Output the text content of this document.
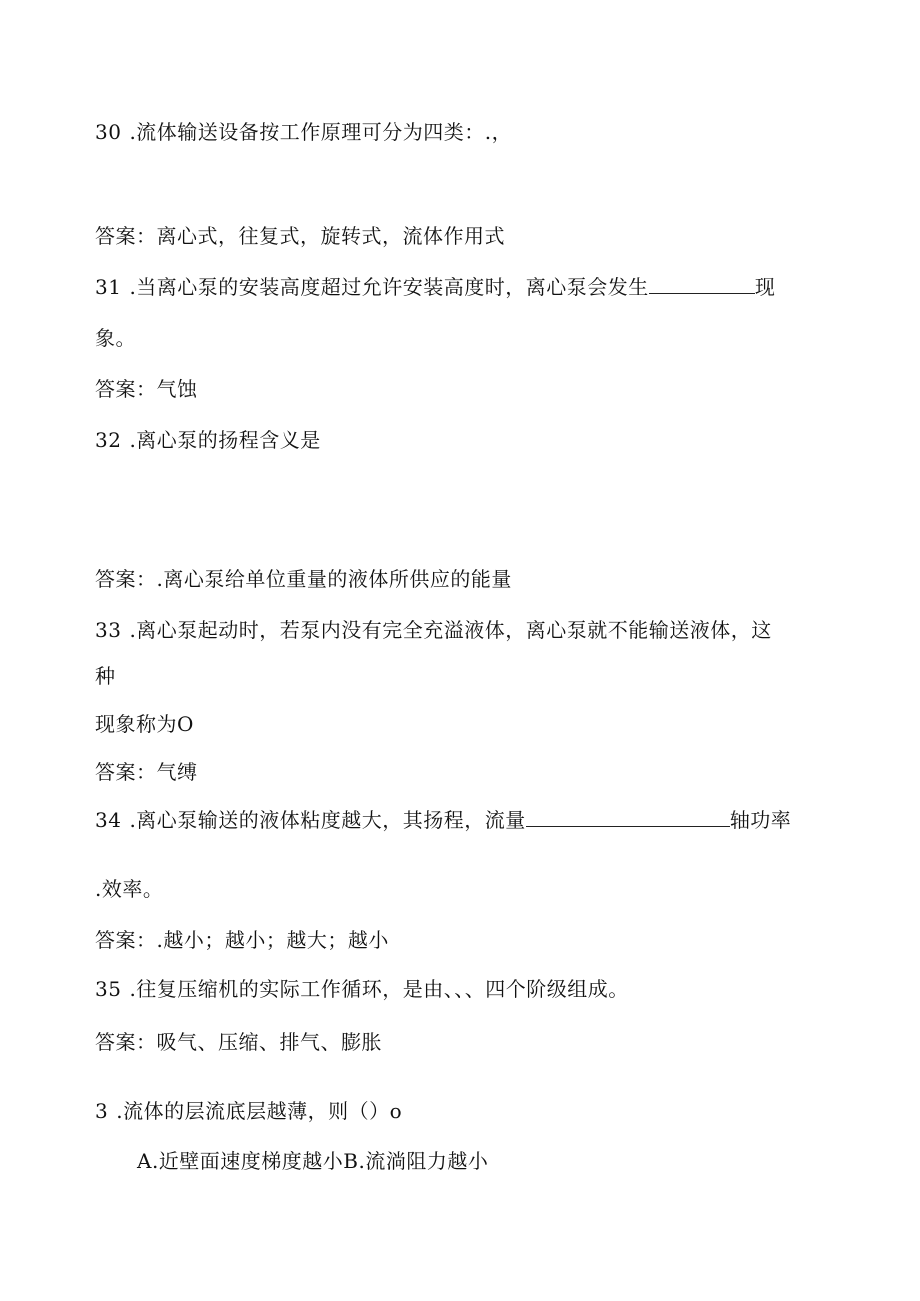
30 .流体输送设备按工作原理可分为四类：.，
答案：离心式，往复式，旋转式，流体作用式
31 .当离心泵的安装高度超过允许安装高度时，离心泵会发生	现
象。
答案：气蚀
32 .离心泵的扬程含义是
答案：.离心泵给单位重量的液体所供应的能量
33 .离心泵起动时，若泵内没有完全充溢液体，离心泵就不能输送液体，这
种
现象称为O
答案：气缚
34 .离心泵输送的液体粘度越大，其扬程，流量	轴功率
.效率。
答案：.越小；越小；越大；越小
35 .往复压缩机的实际工作循环，是由、、、四个阶级组成。
答案：吸气、压缩、排气、膨胀
3 .流体的层流底层越薄，则（）o
A.近壁面速度梯度越小B.流淌阻力越小
